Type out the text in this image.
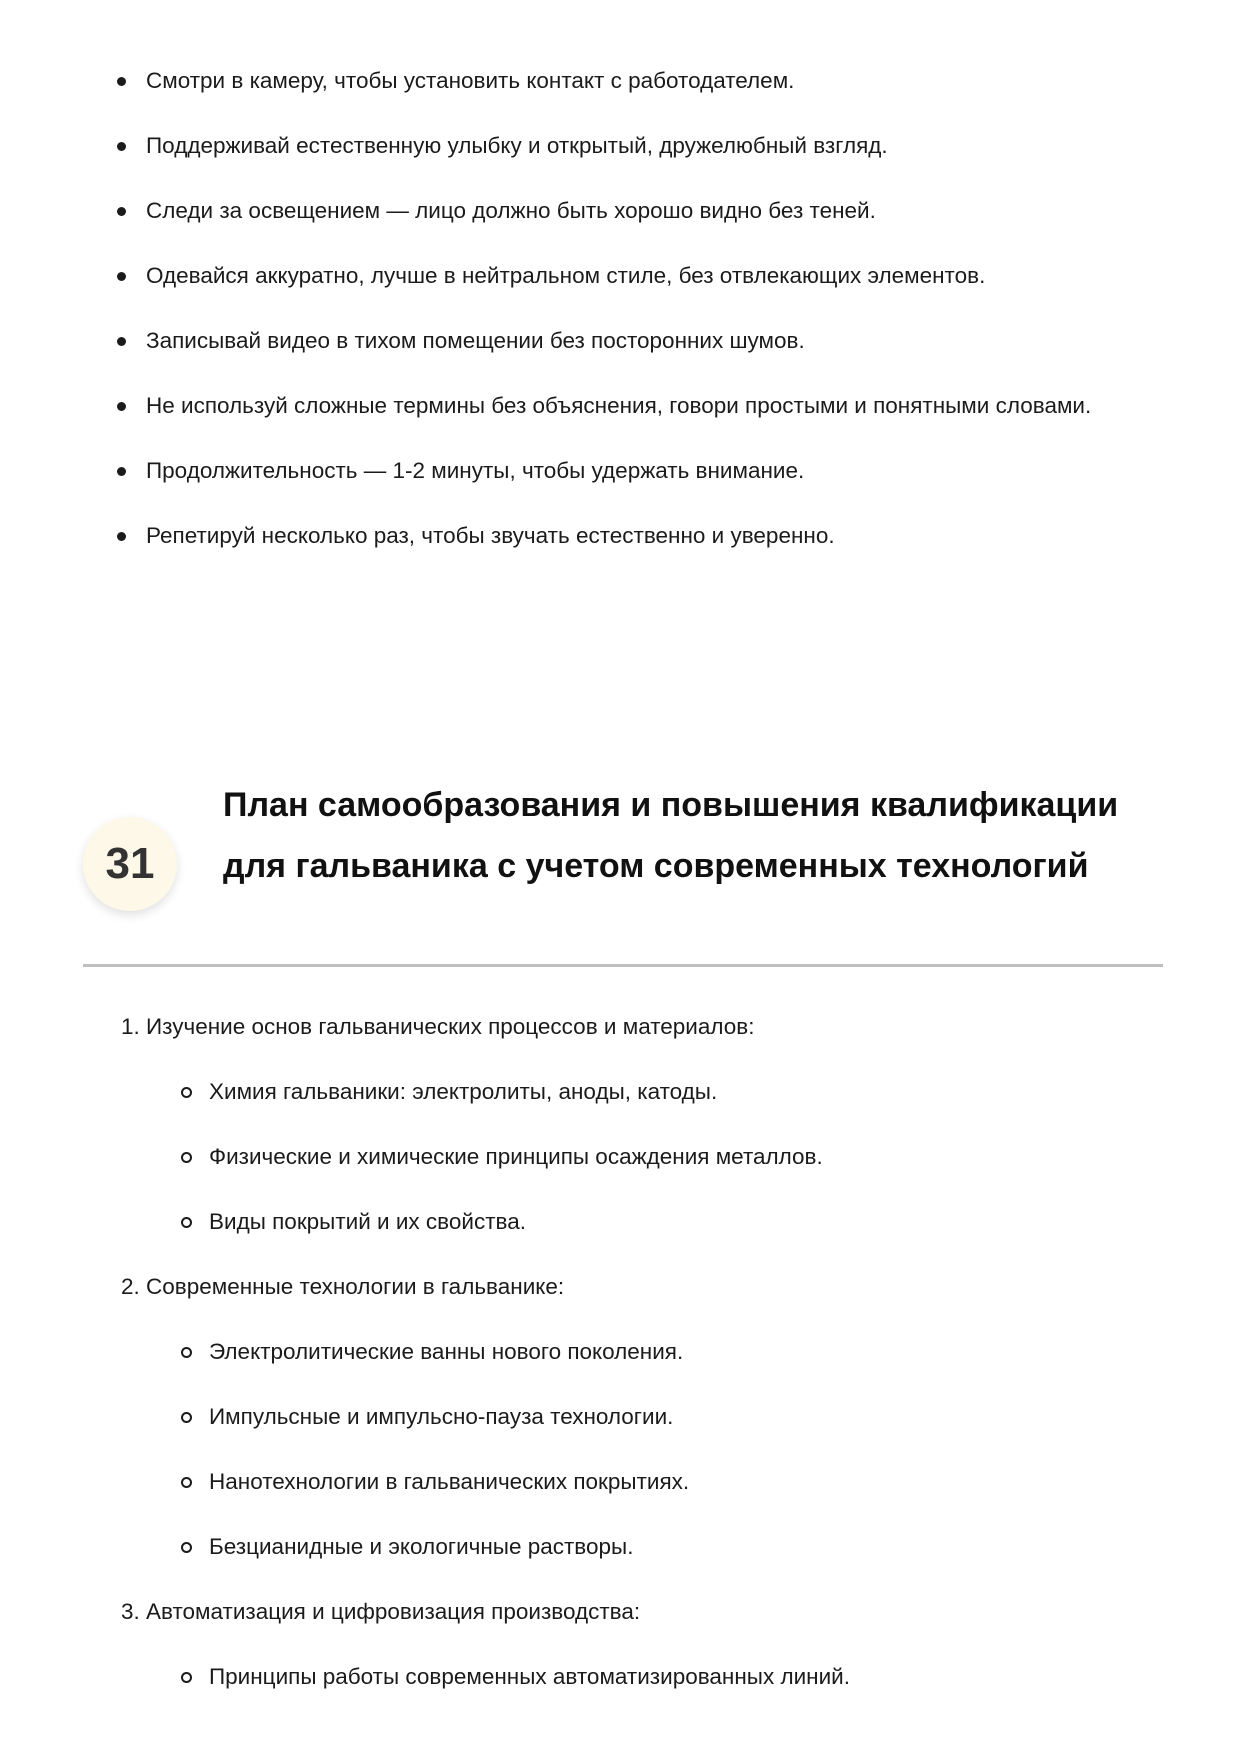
Смотри в камеру, чтобы установить контакт с работодателем.
Поддерживай естественную улыбку и открытый, дружелюбный взгляд.
Следи за освещением — лицо должно быть хорошо видно без теней.
Одевайся аккуратно, лучше в нейтральном стиле, без отвлекающих элементов.
Записывай видео в тихом помещении без посторонних шумов.
Не используй сложные термины без объяснения, говори простыми и понятными словами.
Продолжительность — 1-2 минуты, чтобы удержать внимание.
Репетируй несколько раз, чтобы звучать естественно и уверенно.
31
План самообразования и повышения квалификации для гальваника с учетом современных технологий
1. Изучение основ гальванических процессов и материалов:
Химия гальваники: электролиты, аноды, катоды.
Физические и химические принципы осаждения металлов.
Виды покрытий и их свойства.
2. Современные технологии в гальванике:
Электролитические ванны нового поколения.
Импульсные и импульсно-пауза технологии.
Нанотехнологии в гальванических покрытиях.
Безцианидные и экологичные растворы.
3. Автоматизация и цифровизация производства:
Принципы работы современных автоматизированных линий.
